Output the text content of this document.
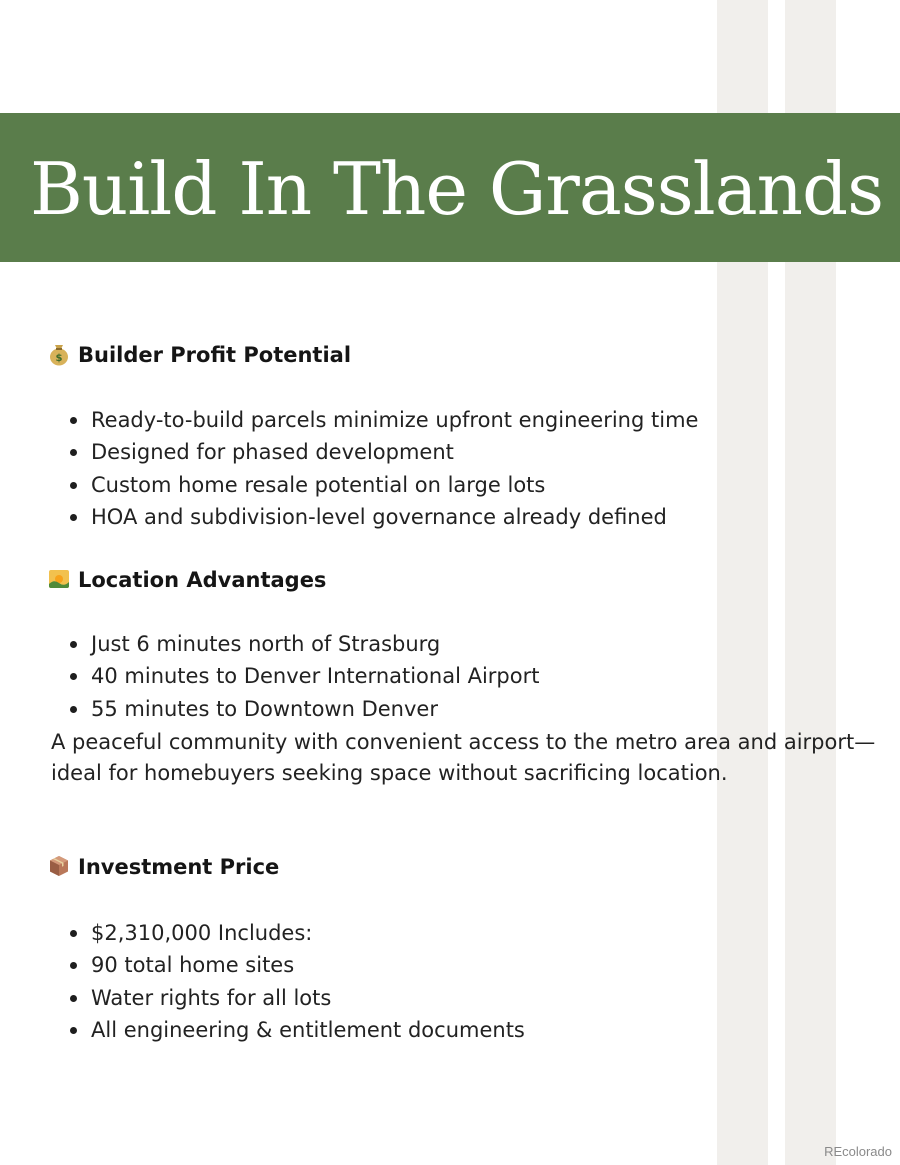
Build In The Grasslands
$ Builder Profit Potential
Ready-to-build parcels minimize upfront engineering time
Designed for phased development
Custom home resale potential on large lots
HOA and subdivision-level governance already defined
Location Advantages
Just 6 minutes north of Strasburg
40 minutes to Denver International Airport
55 minutes to Downtown Denver

A peaceful community with convenient access to the metro area and airport—ideal for homebuyers seeking space without sacrificing location.

Investment Price
$2,310,000 Includes:
90 total home sites
Water rights for all lots
All engineering & entitlement documents
REcolorado
